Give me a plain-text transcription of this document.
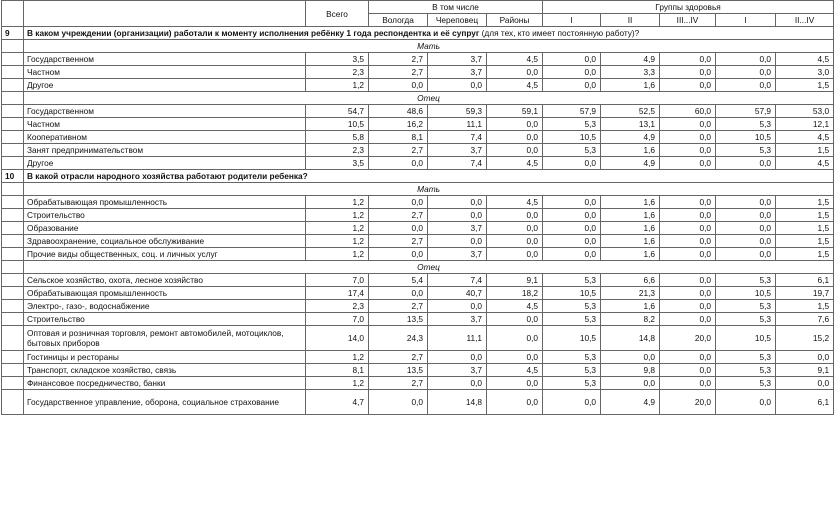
		Всего	В том числе			Группы здоровья				
			Вологда	Череповец	Районы	I	II	III...IV	I	II...IV
9	В каком учреждении (организации) работали к моменту исполнения ребёнку 1 года респондентка и её супруг (для тех, кто имеет постоянную работу)?									
	Мать									
	Государственном	3,5	2,7	3,7	4,5	0,0	4,9	0,0	0,0	4,5
	Частном	2,3	2,7	3,7	0,0	0,0	3,3	0,0	0,0	3,0
	Другое	1,2	0,0	0,0	4,5	0,0	1,6	0,0	0,0	1,5
	Отец									
	Государственном	54,7	48,6	59,3	59,1	57,9	52,5	60,0	57,9	53,0
	Частном	10,5	16,2	11,1	0,0	5,3	13,1	0,0	5,3	12,1
	Кооперативном	5,8	8,1	7,4	0,0	10,5	4,9	0,0	10,5	4,5
	Занят предпринимательством	2,3	2,7	3,7	0,0	5,3	1,6	0,0	5,3	1,5
	Другое	3,5	0,0	7,4	4,5	0,0	4,9	0,0	0,0	4,5
10	В какой отрасли народного хозяйства работают родители ребенка?									
	Мать									
	Обрабатывающая промышленность	1,2	0,0	0,0	4,5	0,0	1,6	0,0	0,0	1,5
	Строительство	1,2	2,7	0,0	0,0	0,0	1,6	0,0	0,0	1,5
	Образование	1,2	0,0	3,7	0,0	0,0	1,6	0,0	0,0	1,5
	Здравоохранение, социальное обслуживание	1,2	2,7	0,0	0,0	0,0	1,6	0,0	0,0	1,5
	Прочие виды общественных, соц. и личных услуг	1,2	0,0	3,7	0,0	0,0	1,6	0,0	0,0	1,5
	Отец									
	Сельское хозяйство, охота, лесное хозяйство	7,0	5,4	7,4	9,1	5,3	6,6	0,0	5,3	6,1
	Обрабатывающая промышленность	17,4	0,0	40,7	18,2	10,5	21,3	0,0	10,5	19,7
	Электро-, газо-, водоснабжение	2,3	2,7	0,0	4,5	5,3	1,6	0,0	5,3	1,5
	Строительство	7,0	13,5	3,7	0,0	5,3	8,2	0,0	5,3	7,6
	Оптовая и розничная торговля, ремонт автомобилей, мотоциклов, бытовых приборов	14,0	24,3	11,1	0,0	10,5	14,8	20,0	10,5	15,2
	Гостиницы и рестораны	1,2	2,7	0,0	0,0	5,3	0,0	0,0	5,3	0,0
	Транспорт, складское хозяйство, связь	8,1	13,5	3,7	4,5	5,3	9,8	0,0	5,3	9,1
	Финансовое посредничество, банки	1,2	2,7	0,0	0,0	5,3	0,0	0,0	5,3	0,0
	Государственное управление, оборона, социальное страхование	4,7	0,0	14,8	0,0	0,0	4,9	20,0	0,0	6,1
